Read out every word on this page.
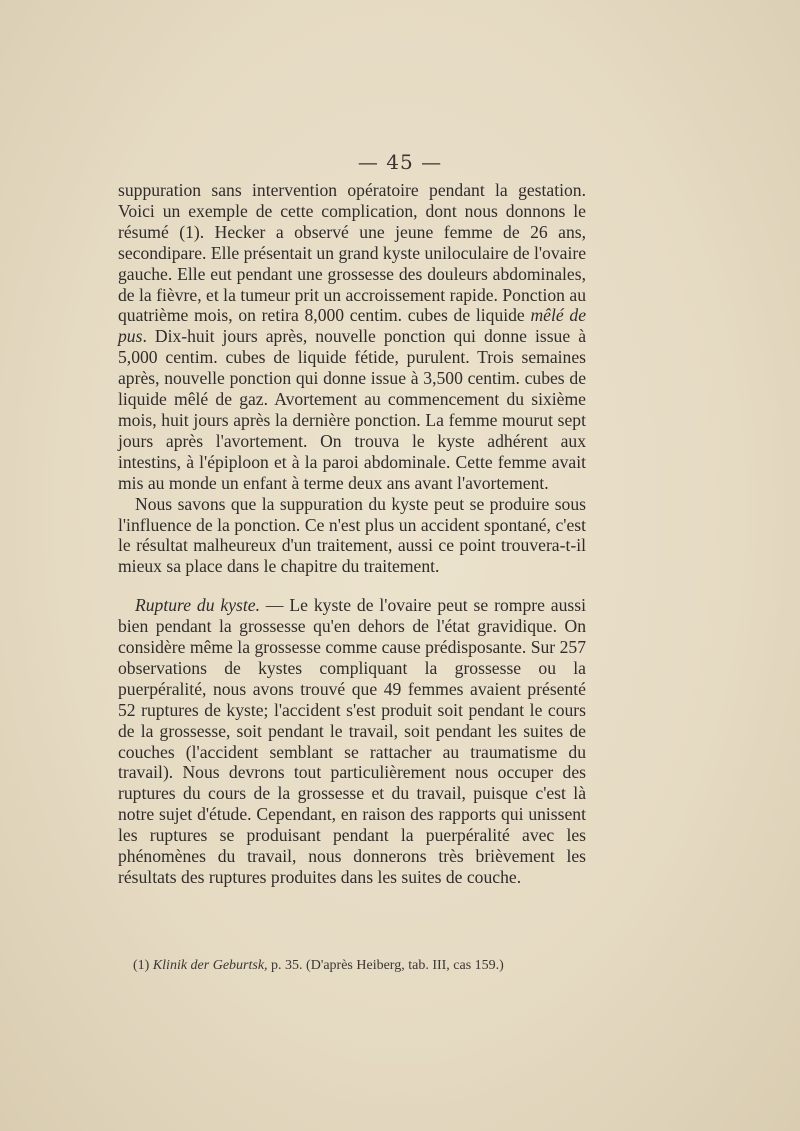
— 45 —

suppuration sans intervention opératoire pendant la gestation. Voici un exemple de cette complication, dont nous donnons le résumé (1). Hecker a observé une jeune femme de 26 ans, secondipare. Elle présentait un grand kyste uniloculaire de l'ovaire gauche. Elle eut pendant une grossesse des douleurs abdominales, de la fièvre, et la tumeur prit un accroissement rapide. Ponction au quatrième mois, on retira 8,000 centim. cubes de liquide mêlé de pus. Dix-huit jours après, nouvelle ponction qui donne issue à 5,000 centim. cubes de liquide fétide, purulent. Trois semaines après, nouvelle ponction qui donne issue à 3,500 centim. cubes de liquide mêlé de gaz. Avortement au commencement du sixième mois, huit jours après la dernière ponction. La femme mourut sept jours après l'avortement. On trouva le kyste adhérent aux intestins, à l'épiploon et à la paroi abdominale. Cette femme avait mis au monde un enfant à terme deux ans avant l'avortement.

Nous savons que la suppuration du kyste peut se produire sous l'influence de la ponction. Ce n'est plus un accident spontané, c'est le résultat malheureux d'un traitement, aussi ce point trouvera-t-il mieux sa place dans le chapitre du traitement.

Rupture du kyste. — Le kyste de l'ovaire peut se rompre aussi bien pendant la grossesse qu'en dehors de l'état gravidique. On considère même la grossesse comme cause prédisposante. Sur 257 observations de kystes compliquant la grossesse ou la puerpéralité, nous avons trouvé que 49 femmes avaient présenté 52 ruptures de kyste; l'accident s'est produit soit pendant le cours de la grossesse, soit pendant le travail, soit pendant les suites de couches (l'accident semblant se rattacher au traumatisme du travail). Nous devrons tout particulièrement nous occuper des ruptures du cours de la grossesse et du travail, puisque c'est là notre sujet d'étude. Cependant, en raison des rapports qui unissent les ruptures se produisant pendant la puerpéralité avec les phénomènes du travail, nous donnerons très brièvement les résultats des ruptures produites dans les suites de couche.

(1) Klinik der Geburtsk, p. 35. (D'après Heiberg, tab. III, cas 159.)
